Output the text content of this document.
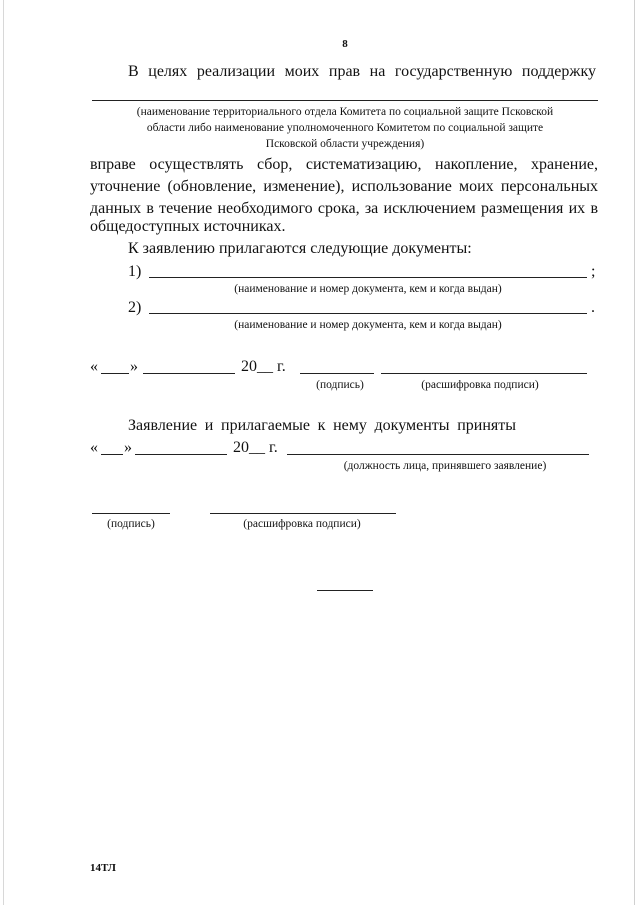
8
В целях реализации моих прав на государственную поддержку
(наименование территориального отдела Комитета по социальной защите Псковской
области либо наименование уполномоченного Комитетом по социальной защите
Псковской области учреждения)
вправе осуществлять сбор, систематизацию, накопление, хранение,
уточнение (обновление, изменение), использование моих персональных
данных в течение необходимого срока, за исключением размещения их в
общедоступных источниках.
К заявлению прилагаются следующие документы:
1)	;
(наименование и номер документа, кем и когда выдан)
2)	.
(наименование и номер документа, кем и когда выдан)
« »	20__ г.
(подпись)	(расшифровка подписи)
Заявление и прилагаемые к нему документы приняты
« »	20__ г.
(должность лица, принявшего заявление)
(подпись)	(расшифровка подписи)
14ТЛ
